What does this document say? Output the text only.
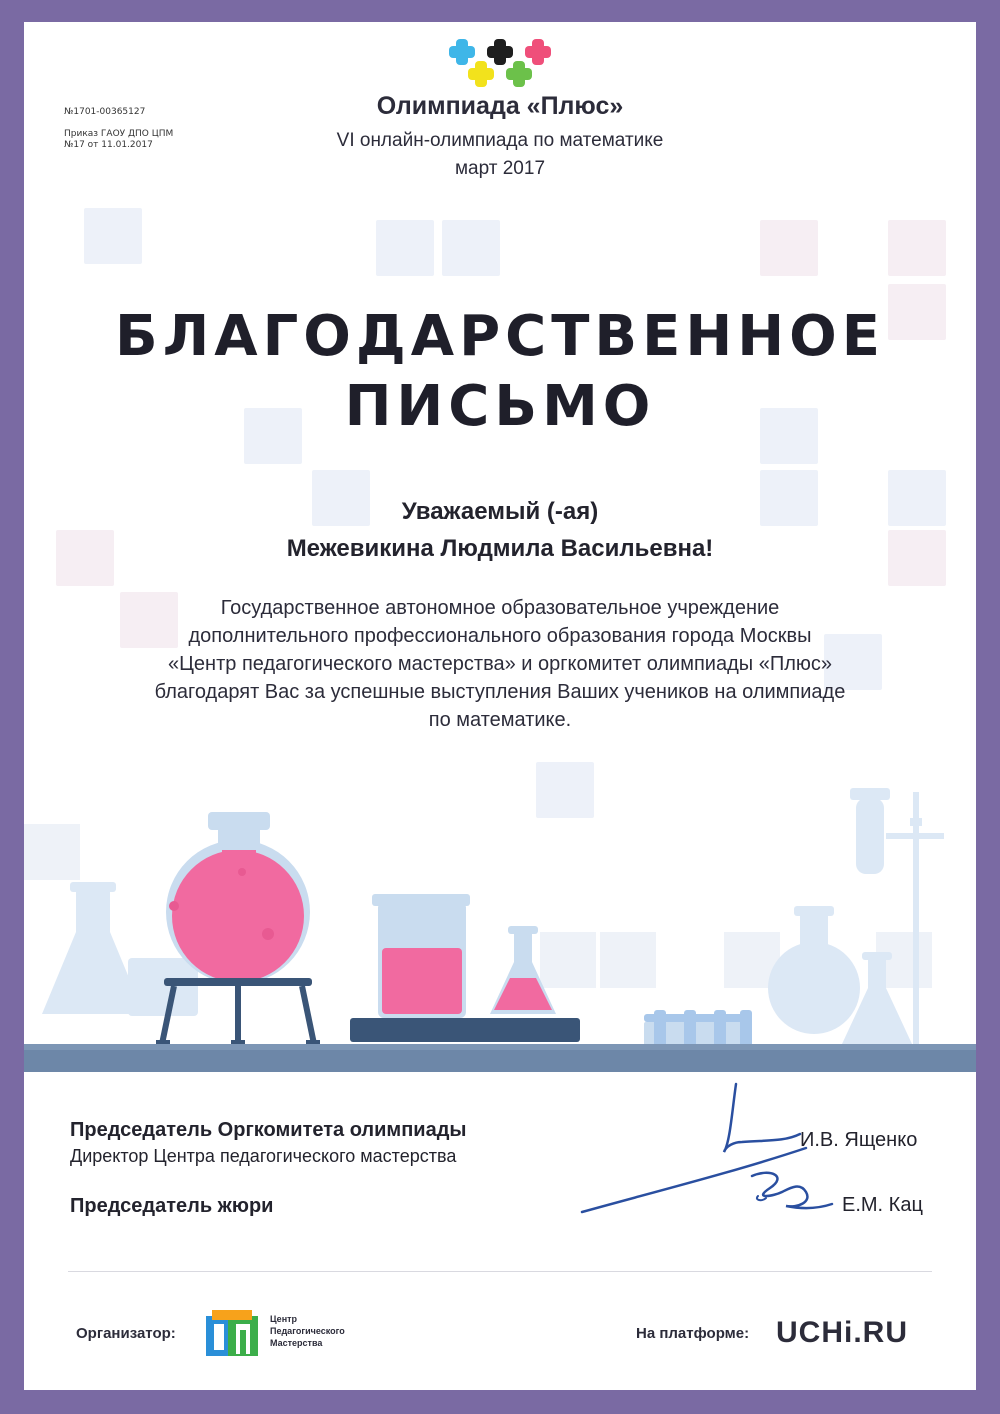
№1701-00365127
Приказ ГАОУ ДПО ЦПМ
№17 от 11.01.2017
Олимпиада «Плюс»
VI онлайн-олимпиада по математике
март 2017
БЛАГОДАРСТВЕННОЕ
ПИСЬМО
Уважаемый (-ая)
Межевикина Людмила Васильевна!
Государственное автономное образовательное учреждение дополнительного профессионального образования города Москвы «Центр педагогического мастерства» и оргкомитет олимпиады «Плюс» благодарят Вас за успешные выступления Ваших учеников на олимпиаде по математике.
Председатель Оргкомитета олимпиады
Директор Центра педагогического мастерства
Председатель жюри
И.В. Ященко
Е.М. Кац
Организатор:
Центр
Педагогического
Мастерства
На платформе: UCHi.RU
